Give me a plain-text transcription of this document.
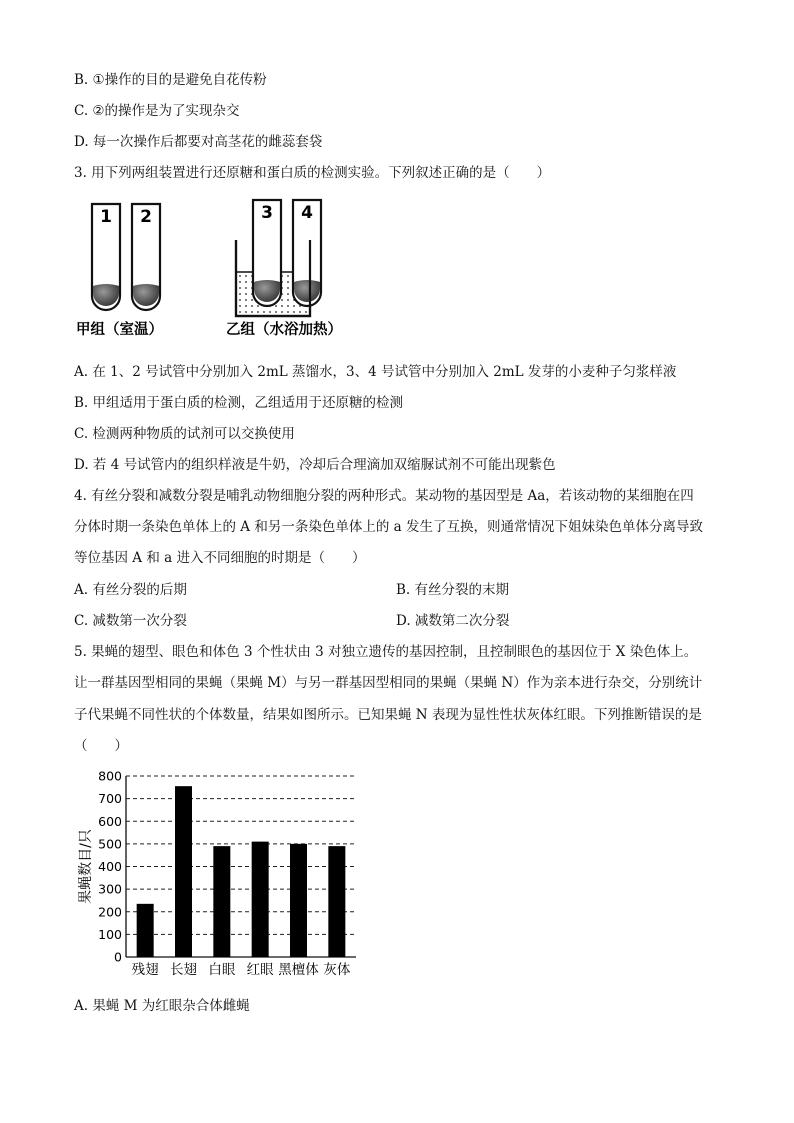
B. ①操作的目的是避免自花传粉
C. ②的操作是为了实现杂交
D. 每一次操作后都要对高茎花的雌蕊套袋
3. 用下列两组装置进行还原糖和蛋白质的检测实验。下列叙述正确的是（　　）
1 2	3 4
甲组（室温）	乙组（水浴加热）
A. 在 1、2 号试管中分别加入 2mL 蒸馏水，3、4 号试管中分别加入 2mL 发芽的小麦种子匀浆样液
B. 甲组适用于蛋白质的检测，乙组适用于还原糖的检测
C. 检测两种物质的试剂可以交换使用
D. 若 4 号试管内的组织样液是牛奶，冷却后合理滴加双缩脲试剂不可能出现紫色
4. 有丝分裂和减数分裂是哺乳动物细胞分裂的两种形式。某动物的基因型是 Aa，若该动物的某细胞在四
分体时期一条染色单体上的 A 和另一条染色单体上的 a 发生了互换，则通常情况下姐妹染色单体分离导致
等位基因 A 和 a 进入不同细胞的时期是（　　）
A. 有丝分裂的后期	B. 有丝分裂的末期
C. 减数第一次分裂	D. 减数第二次分裂
5. 果蝇的翅型、眼色和体色 3 个性状由 3 对独立遗传的基因控制，且控制眼色的基因位于 X 染色体上。
让一群基因型相同的果蝇（果蝇 M）与另一群基因型相同的果蝇（果蝇 N）作为亲本进行杂交，分别统计
子代果蝇不同性状的个体数量，结果如图所示。已知果蝇 N 表现为显性性状灰体红眼。下列推断错误的是
（　　）
0
100
200
300
400
500
600
700
800
残翅 长翅 白眼 红眼 黑檀体 灰体
果蝇数目/只
A. 果蝇 M 为红眼杂合体雌蝇
